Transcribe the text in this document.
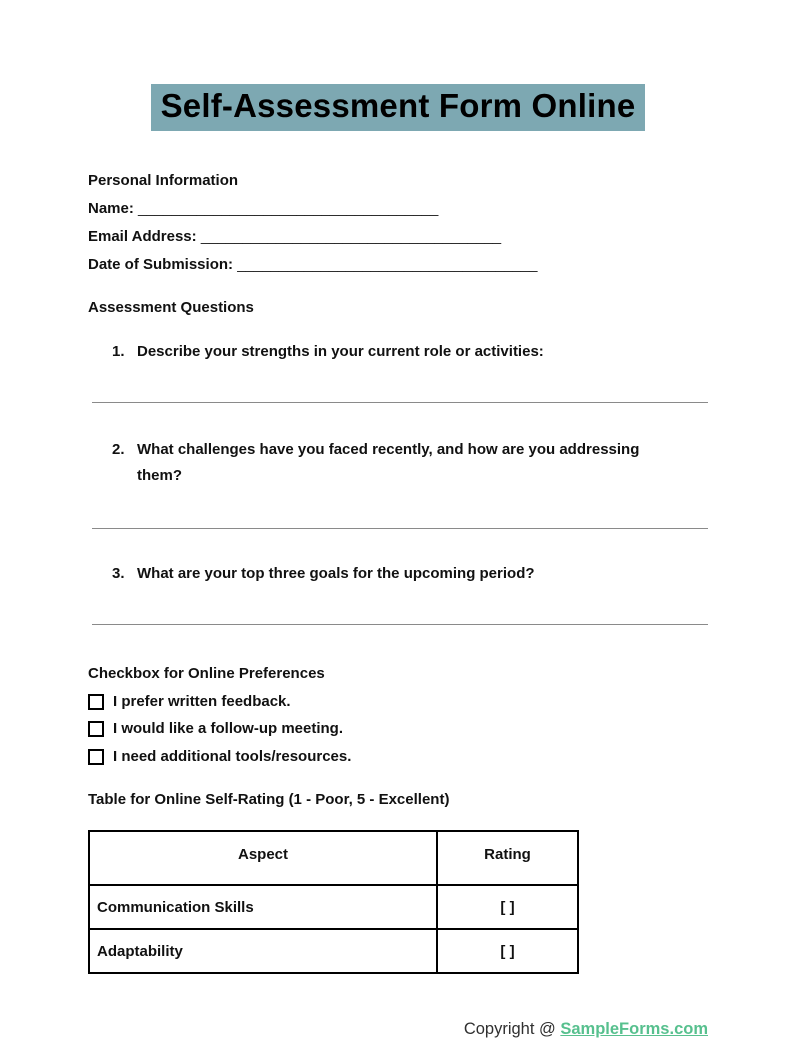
Self-Assessment Form Online
Personal Information
Name: ____________________________________
Email Address: ____________________________________
Date of Submission: ____________________________________
Assessment Questions
1. Describe your strengths in your current role or activities:
2. What challenges have you faced recently, and how are you addressing them?
3. What are your top three goals for the upcoming period?
Checkbox for Online Preferences
I prefer written feedback.
I would like a follow-up meeting.
I need additional tools/resources.
Table for Online Self-Rating (1 - Poor, 5 - Excellent)
Aspect	Rating
Communication Skills	[ ]
Adaptability	[ ]
Copyright @ SampleForms.com
